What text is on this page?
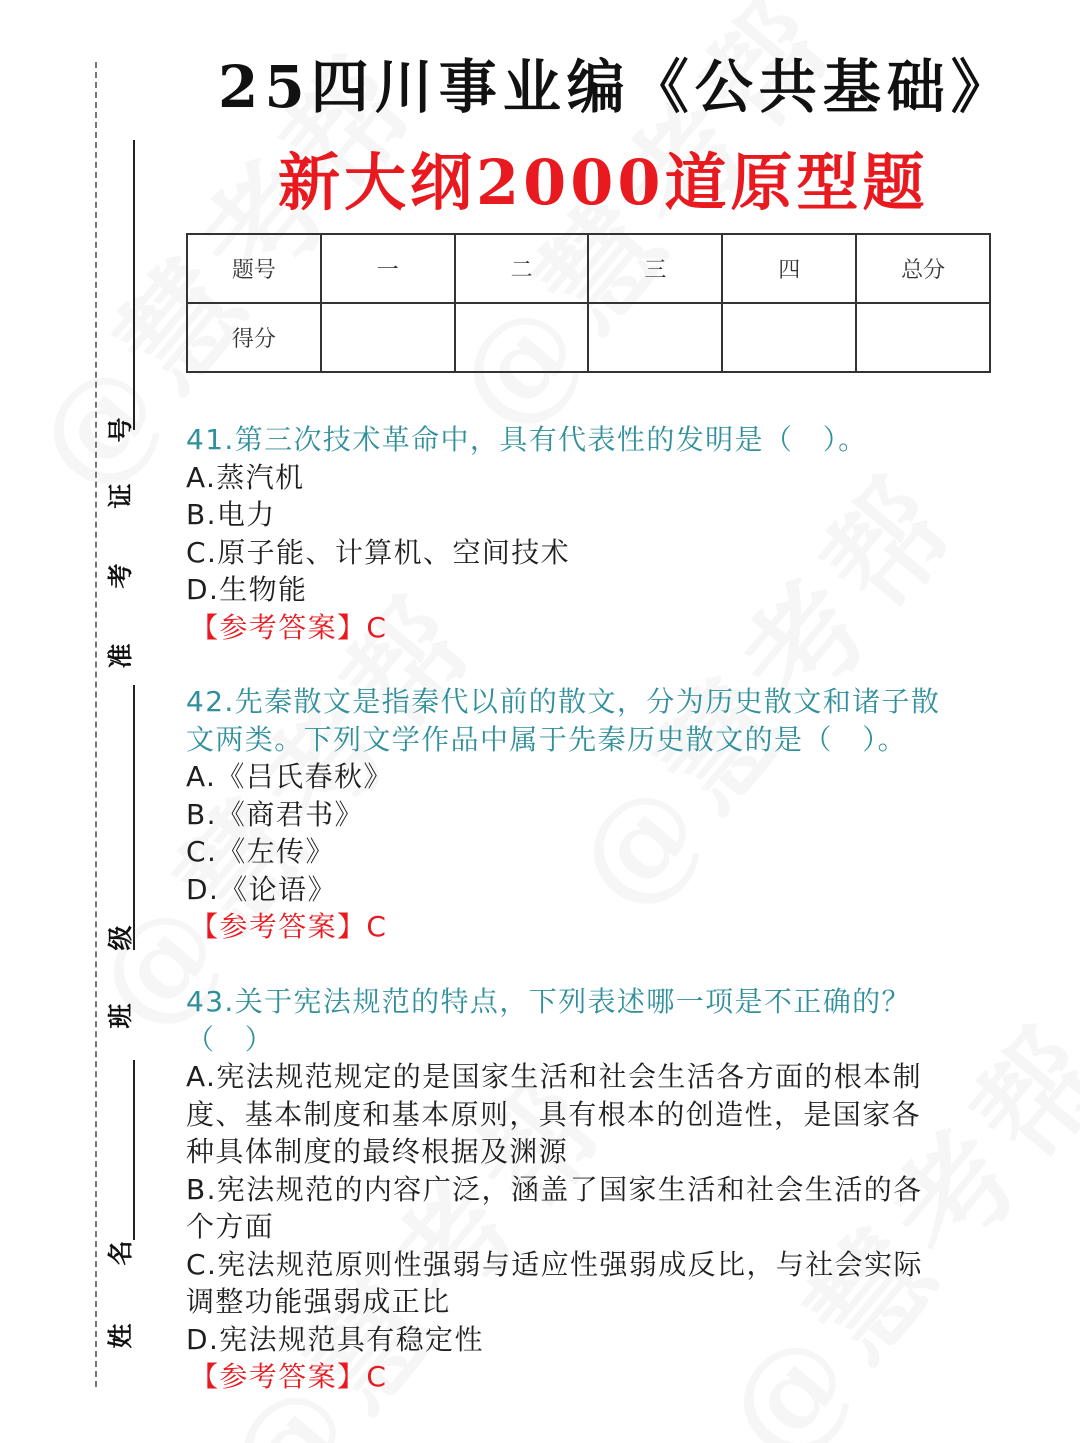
号
证
考
准
级
班
名
姓
25四川事业编《公共基础》
新大纲2000道原型题
题号	一	二	三	四	总分
得分					
41.第三次技术革命中，具有代表性的发明是（　）。
A.蒸汽机
B.电力
C.原子能、计算机、空间技术
D.生物能
【参考答案】C
42.先秦散文是指秦代以前的散文，分为历史散文和诸子散
文两类。下列文学作品中属于先秦历史散文的是（　）。
A.《吕氏春秋》
B.《商君书》
C.《左传》
D.《论语》
【参考答案】C
43.关于宪法规范的特点，下列表述哪一项是不正确的？
（　）
A.宪法规范规定的是国家生活和社会生活各方面的根本制
度、基本制度和基本原则，具有根本的创造性，是国家各
种具体制度的最终根据及渊源
B.宪法规范的内容广泛，涵盖了国家生活和社会生活的各
个方面
C.宪法规范原则性强弱与适应性强弱成反比，与社会实际
调整功能强弱成正比
D.宪法规范具有稳定性
【参考答案】C
